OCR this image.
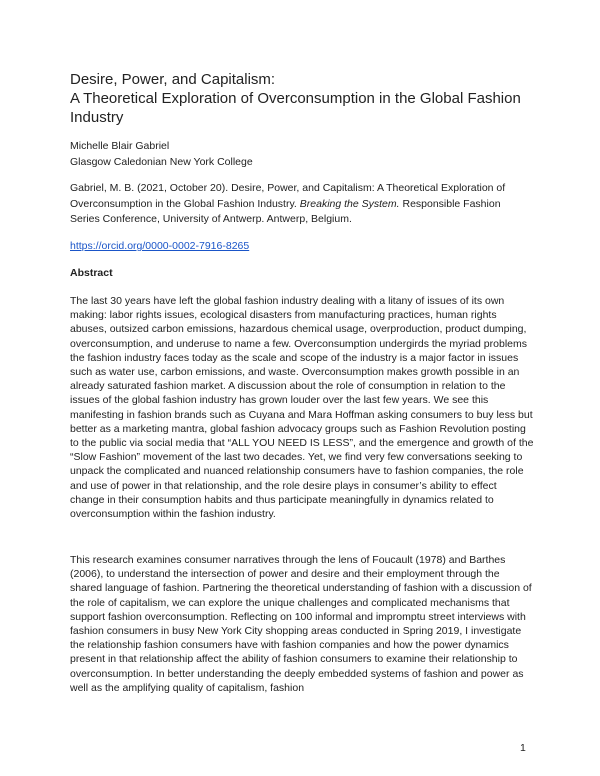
Desire, Power, and Capitalism:
A Theoretical Exploration of Overconsumption in the Global Fashion Industry
Michelle Blair Gabriel
Glasgow Caledonian New York College

Gabriel, M. B. (2021, October 20). Desire, Power, and Capitalism: A Theoretical Exploration of Overconsumption in the Global Fashion Industry. Breaking the System. Responsible Fashion Series Conference, University of Antwerp. Antwerp, Belgium.

https://orcid.org/0000-0002-7916-8265
Abstract

The last 30 years have left the global fashion industry dealing with a litany of issues of its own making: labor rights issues, ecological disasters from manufacturing practices, human rights abuses, outsized carbon emissions, hazardous chemical usage, overproduction, product dumping, overconsumption, and underuse to name a few. Overconsumption undergirds the myriad problems the fashion industry faces today as the scale and scope of the industry is a major factor in issues such as water use, carbon emissions, and waste. Overconsumption makes growth possible in an already saturated fashion market. A discussion about the role of consumption in relation to the issues of the global fashion industry has grown louder over the last few years. We see this manifesting in fashion brands such as Cuyana and Mara Hoffman asking consumers to buy less but better as a marketing mantra, global fashion advocacy groups such as Fashion Revolution posting to the public via social media that “ALL YOU NEED IS LESS”, and the emergence and growth of the “Slow Fashion” movement of the last two decades. Yet, we find very few conversations seeking to unpack the complicated and nuanced relationship consumers have to fashion companies, the role and use of power in that relationship, and the role desire plays in consumer’s ability to effect change in their consumption habits and thus participate meaningfully in dynamics related to overconsumption within the fashion industry.

This research examines consumer narratives through the lens of Foucault (1978) and Barthes (2006), to understand the intersection of power and desire and their employment through the shared language of fashion. Partnering the theoretical understanding of fashion with a discussion of the role of capitalism, we can explore the unique challenges and complicated mechanisms that support fashion overconsumption. Reflecting on 100 informal and impromptu street interviews with fashion consumers in busy New York City shopping areas conducted in Spring 2019, I investigate the relationship fashion consumers have with fashion companies and how the power dynamics present in that relationship affect the ability of fashion consumers to examine their relationship to overconsumption. In better understanding the deeply embedded systems of fashion and power as well as the amplifying quality of capitalism, fashion

1
